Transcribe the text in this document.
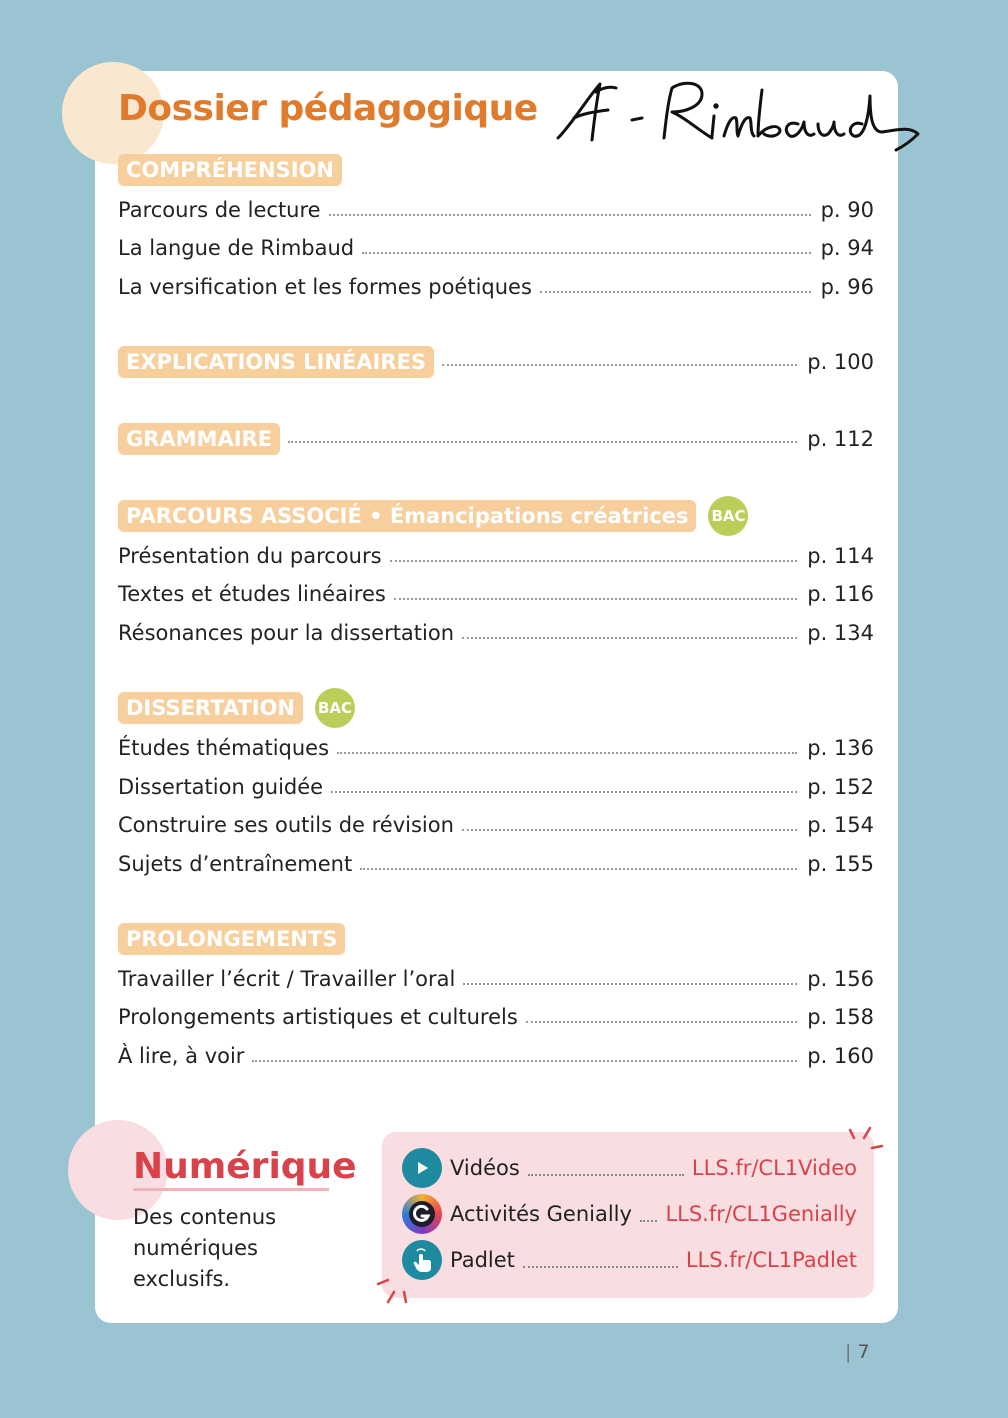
Dossier pédagogique
COMPRÉHENSION
Parcours de lecture	p. 90
La langue de Rimbaud	p. 94
La versification et les formes poétiques	p. 96
EXPLICATIONS LINÉAIRES	p. 100
GRAMMAIRE	p. 112
PARCOURS ASSOCIÉ • Émancipations créatrices	BAC
Présentation du parcours	p. 114
Textes et études linéaires	p. 116
Résonances pour la dissertation	p. 134
DISSERTATION	BAC
Études thématiques	p. 136
Dissertation guidée	p. 152
Construire ses outils de révision	p. 154
Sujets d’entraînement	p. 155
PROLONGEMENTS
Travailler l’écrit / Travailler l’oral	p. 156
Prolongements artistiques et culturels	p. 158
À lire, à voir	p. 160
Numérique

Des contenus numériques exclusifs.

Vidéos	LLS.fr/CL1Video
Activités Genially LLS.fr/CL1Genially
Padlet	LLS.fr/CL1Padlet
| 7
